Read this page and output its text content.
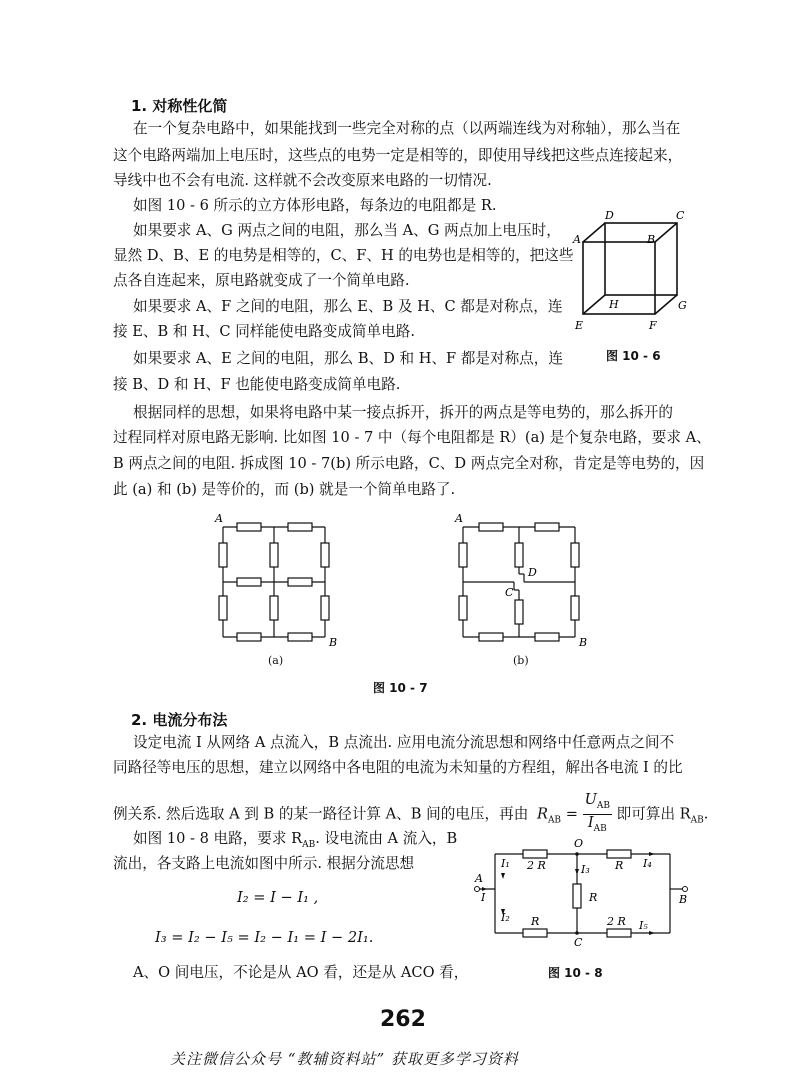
1. 对称性化简
在一个复杂电路中，如果能找到一些完全对称的点（以两端连线为对称轴），那么当在
这个电路两端加上电压时，这些点的电势一定是相等的，即使用导线把这些点连接起来，
导线中也不会有电流. 这样就不会改变原来电路的一切情况.
如图 10 - 6 所示的立方体形电路，每条边的电阻都是 R.
如果要求 A、G 两点之间的电阻，那么当 A、G 两点加上电压时，
显然 D、B、E 的电势是相等的，C、F、H 的电势也是相等的，把这些
点各自连起来，原电路就变成了一个简单电路.
如果要求 A、F 之间的电阻，那么 E、B 及 H、C 都是对称点，连
接 E、B 和 H、C 同样能使电路变成简单电路.
如果要求 A、E 之间的电阻，那么 B、D 和 H、F 都是对称点，连
接 B、D 和 H、F 也能使电路变成简单电路.
根据同样的思想，如果将电路中某一接点拆开，拆开的两点是等电势的，那么拆开的
过程同样对原电路无影响. 比如图 10 - 7 中（每个电阻都是 R）(a) 是个复杂电路，要求 A、
B 两点之间的电阻. 拆成图 10 - 7(b) 所示电路，C、D 两点完全对称，肯定是等电势的，因
此 (a) 和 (b) 是等价的，而 (b) 就是一个简单电路了.
D	C
A	B
H	G
E	F
图 10 - 6
A
B
(a)
A
D
C
B
(b)
图 10 - 7
2. 电流分布法
设定电流 I 从网络 A 点流入，B 点流出. 应用电流分流思想和网络中任意两点之间不
同路径等电压的思想，建立以网络中各电阻的电流为未知量的方程组，解出各电流 I 的比
例关系. 然后选取 A 到 B 的某一路径计算 A、B 间的电压，再由 $R_{AB}$ =
$U_{AB}$
$I_{AB}$
即可算出 $R_{AB}$.
如图 10 - 8 电路，要求 $R_{AB}$. 设电流由 A 流入，B
流出，各支路上电流如图中所示. 根据分流思想
I₂ = I − I₁ ,
I₃ = I₂ − I₅ = I₂ − I₁ = I − 2I₁.
A、O 间电压，不论是从 AO 看，还是从 ACO 看，
A
I
I₁
I₂
2 R
O
I₃
R
R I₄
B
R	2 R I₅
C
图 10 - 8
262
关注微信公众号 “教辅资料站” 获取更多学习资料
